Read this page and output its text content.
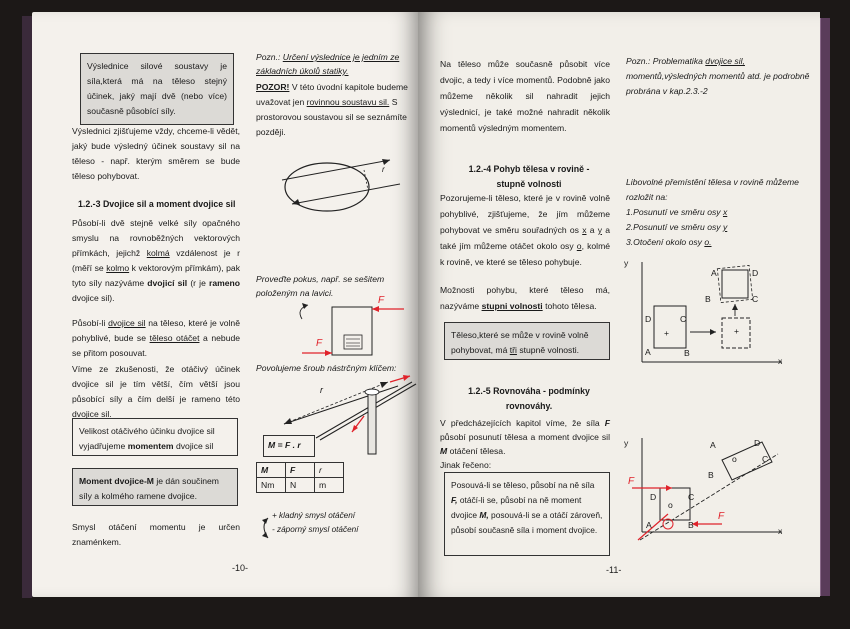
Výslednice silové soustavy je síla,která má na těleso stejný účinek, jaký mají dvě (nebo více) současně působící síly.
Výslednici zjišťujeme vždy, chceme-li vědět, jaký bude výsledný účinek soustavy sil na těleso - např. kterým směrem se bude těleso pohybovat.
1.2.-3 Dvojice sil a moment dvojice sil
Působí-li dvě stejně velké síly opačného smyslu na rovnoběžných vektorových přímkách, jejichž kolmá vzdálenost je r (měří se kolmo k vektorovým přímkám), pak tyto síly nazýváme dvojicí sil (r je rameno dvojice sil).
Působí-li dvojice sil na těleso, které je volně pohyblivé, bude se těleso otáčet a nebude se přitom posouvat.
Víme ze zkušenosti, že otáčivý účinek dvojice sil je tím větší, čím větší jsou působící síly a čím delší je rameno této dvojice sil.
Velikost otáčivého účinku dvojice sil vyjadřujeme momentem dvojice sil
Moment dvojice-M je dán součinem síly a kolmého ramene dvojice.
Smysl otáčení momentu je určen znaménkem.
Pozn.: Určení výslednice je jedním ze základních úkolů statiky.
POZOR! V této úvodní kapitole budeme uvažovat jen rovinnou soustavu sil. S prostorovou soustavou sil se seznámíte později.
r
Proveďte pokus, např. se sešitem položeným na lavici.
F
F
Povolujeme šroub nástrčným klíčem:
r
M = F . r
M	F	r
Nm	N	m
+ kladný smysl otáčení
- záporný smysl otáčení
-10-
Na těleso může současně působit více dvojic, a tedy i více momentů. Podobně jako můžeme několik sil nahradit jejich výslednicí, je také možné nahradit několik momentů výsledným momentem.
1.2.-4 Pohyb tělesa v rovině - stupně volnosti
Pozorujeme-li těleso, které je v rovině volně pohyblivé, zjišťujeme, že jím můžeme pohybovat ve směru souřadných os x a y a také jím můžeme otáčet okolo osy o, kolmé k rovině, ve které se těleso pohybuje.
Možnosti pohybu, které těleso má, nazýváme stupni volnosti tohoto tělesa.
Těleso,které se může v rovině volně pohybovat, má tři stupně volnosti.
1.2.-5 Rovnováha - podmínky rovnováhy.
V předcházejících kapitol víme, že síla F působí posunutí tělesa a moment dvojice sil M otáčení tělesa.
Jinak řečeno:
Posouvá-li se těleso, působí na ně síla F, otáčí-li se, působí na ně moment dvojice M, posouvá-li se a otáčí zároveň, působí současně síla i moment dvojice.
Pozn.: Problematika dvojice sil, momentů,výsledných momentů atd. je podrobně probrána v kap.2.3.-2
Libovolné přemístění tělesa v rovině můžeme rozložit na:
1.Posunutí ve směru osy x
2.Posunutí ve směru osy y
3.Otočení okolo osy o.
y
x
D	C
A	B
+	+
A	D
B	C
y
x
D	C
A	B
o
A	D
C
B
o
F
F
-11-
